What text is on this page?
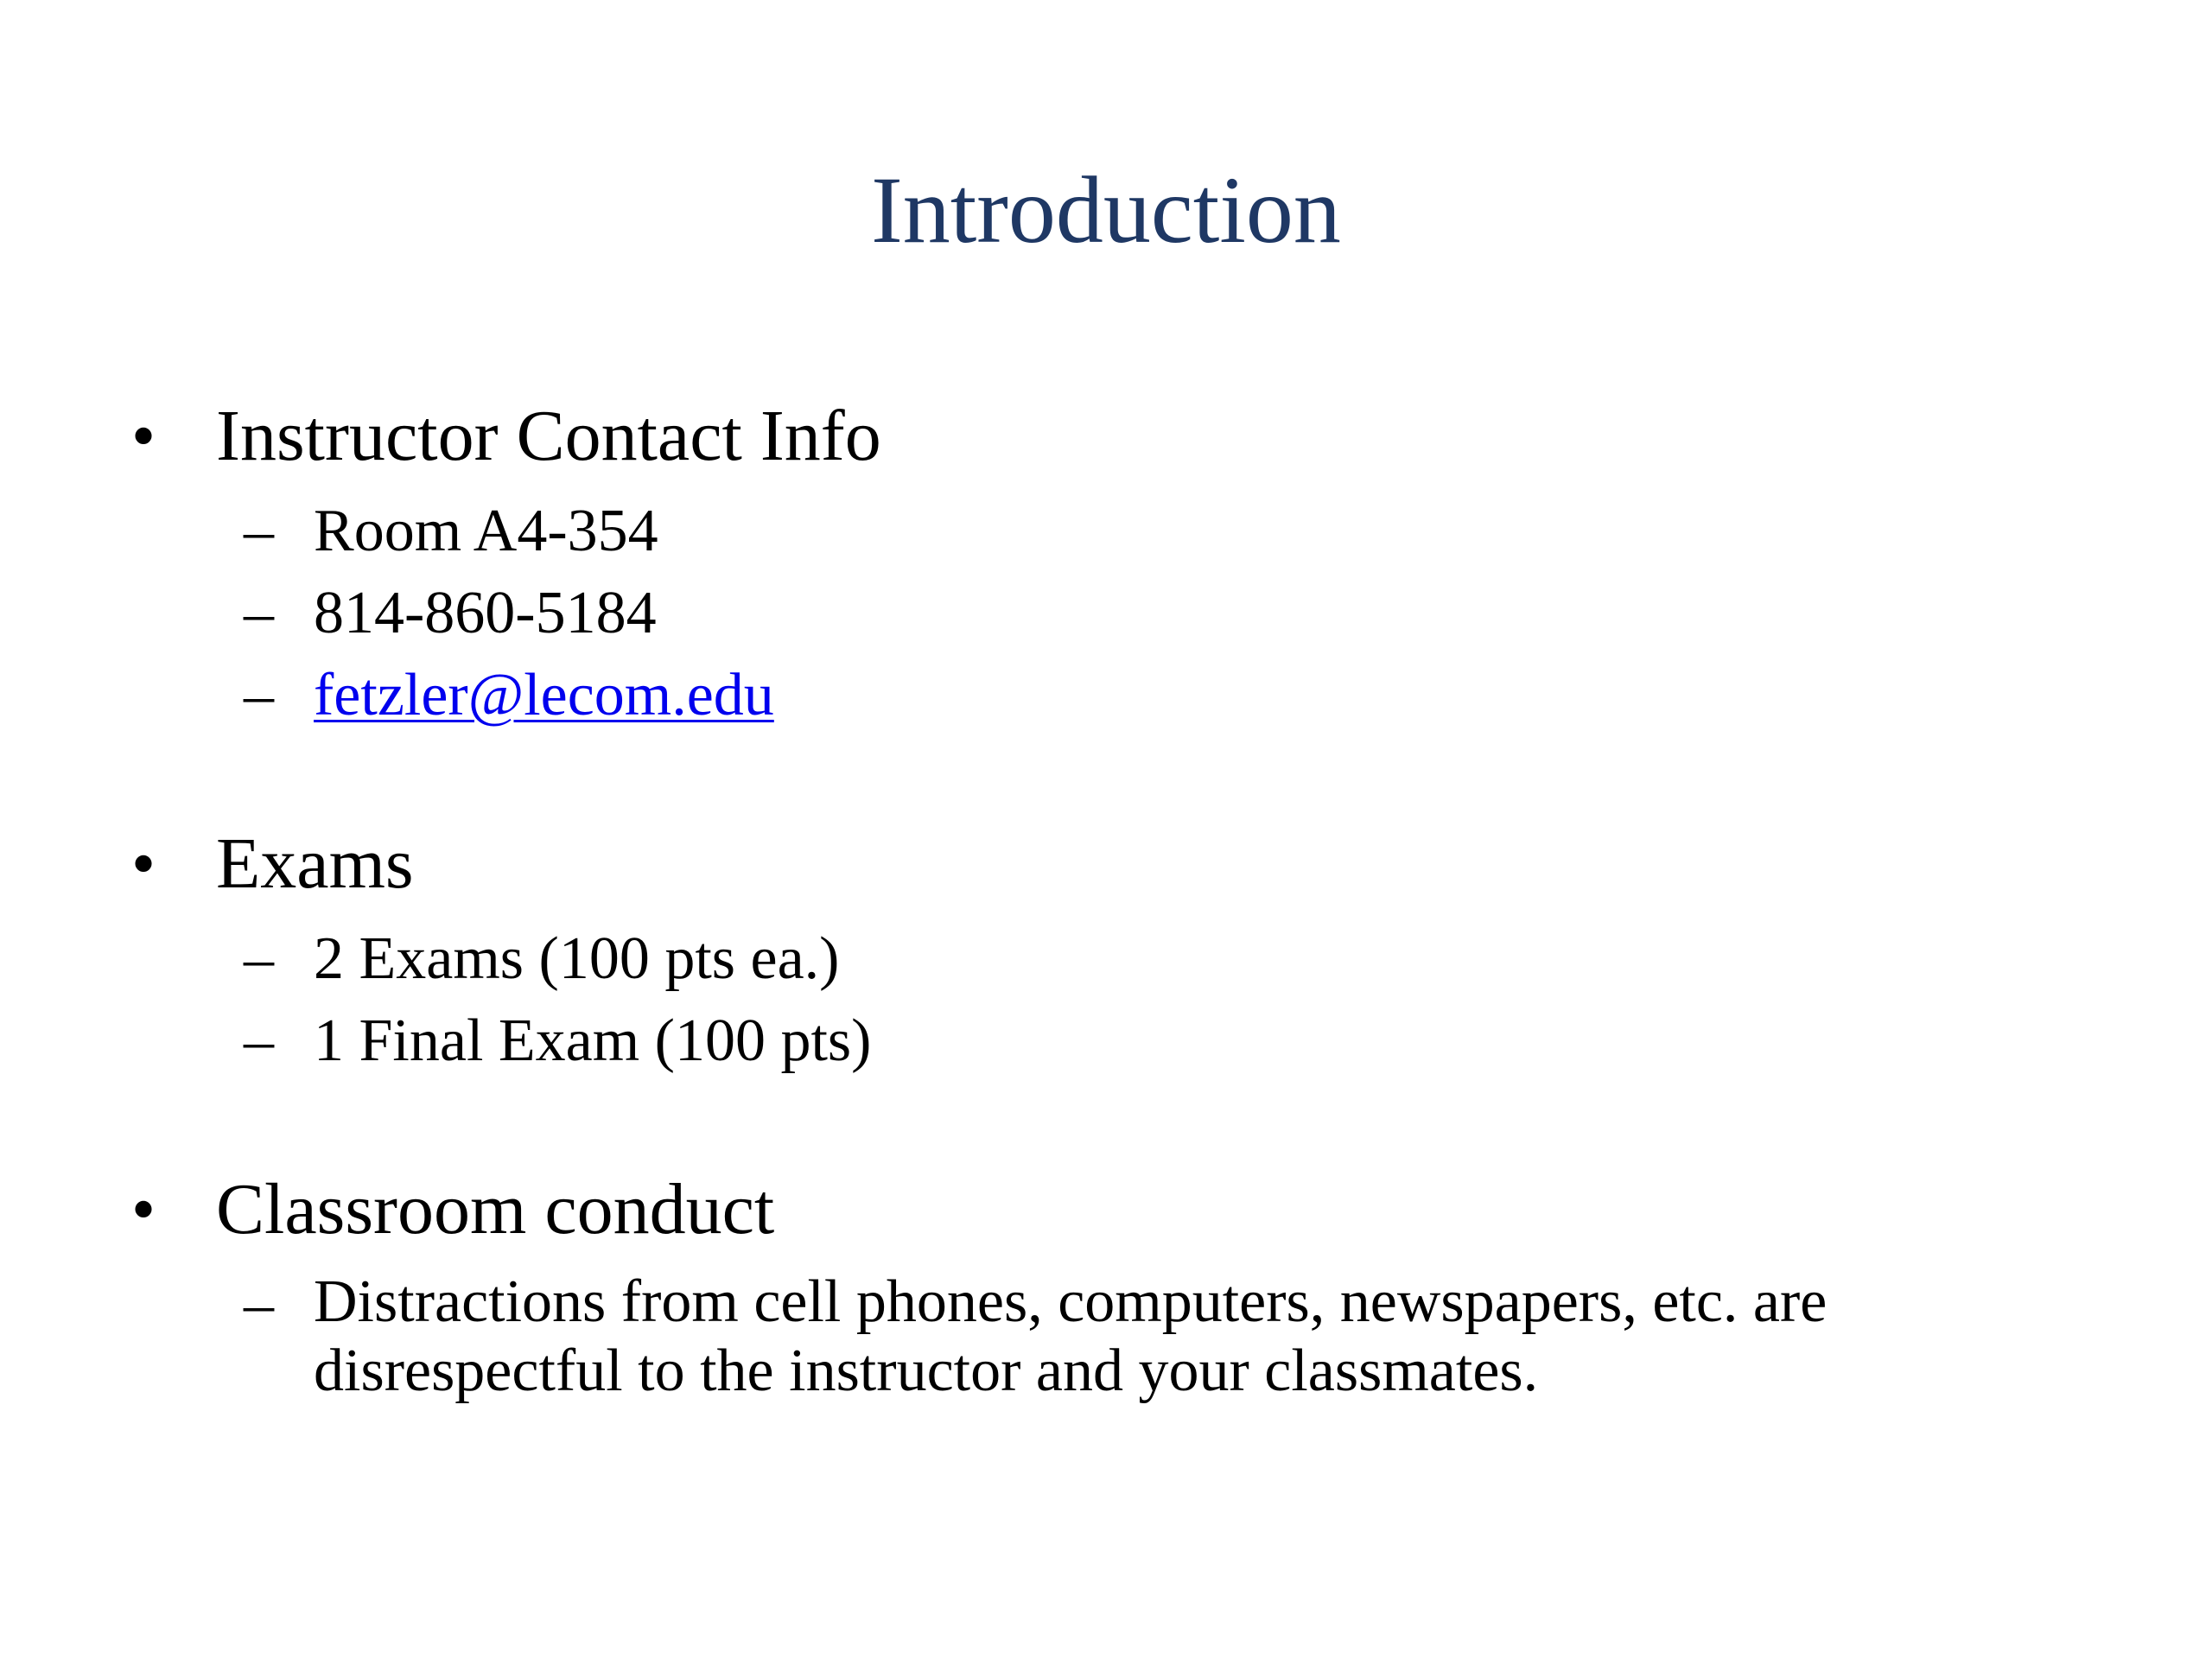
Introduction
• Instructor Contact Info
– Room A4-354
– 814-860-5184
– fetzler@lecom.edu
• Exams
– 2 Exams (100 pts ea.)
– 1 Final Exam (100 pts)
• Classroom conduct
– Distractions from cell phones, computers, newspapers, etc. are disrespectful to the instructor and your classmates.
